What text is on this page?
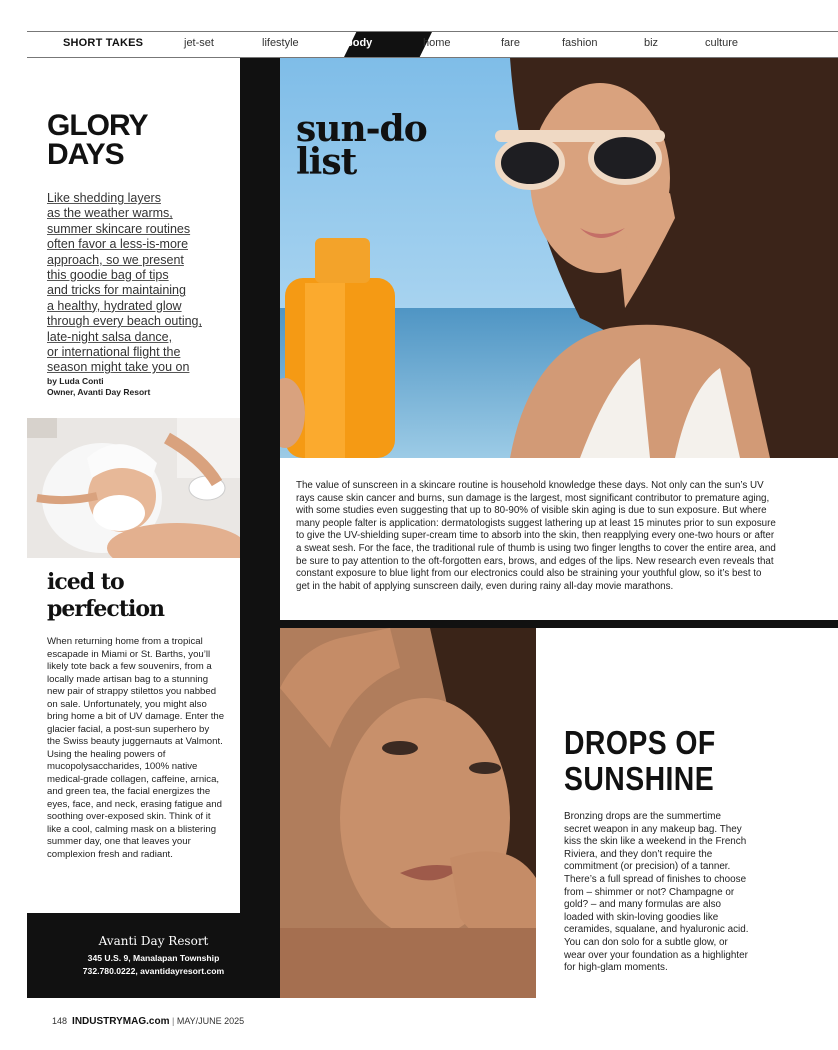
SHORT TAKES	jet-set	lifestyle	body	home	fare	fashion	biz	culture
GLORY
DAYS
Like shedding layers
as the weather warms,
summer skincare routines
often favor a less-is-more
approach, so we present
this goodie bag of tips
and tricks for maintaining
a healthy, hydrated glow
through every beach outing,
late-night salsa dance,
or international flight the
season might take you on
by Luda Conti
Owner, Avanti Day Resort
iced to
perfection
When returning home from a tropical escapade in Miami or St. Barths, you’ll likely tote back a few souvenirs, from a locally made artisan bag to a stunning new pair of strappy stilettos you nabbed on sale. Unfortunately, you might also bring home a bit of UV damage. Enter the glacier facial, a post-sun superhero by the Swiss beauty juggernauts at Valmont. Using the healing powers of mucopolysaccharides, 100% native medical-grade collagen, caffeine, arnica, and green tea, the facial energizes the eyes, face, and neck, erasing fatigue and soothing over-exposed skin. Think of it like a cool, calming mask on a blistering summer day, one that leaves your complexion fresh and radiant.
Avanti Day Resort
345 U.S. 9, Manalapan Township
732.780.0222, avantidayresort.com
sun-do
list
The value of sunscreen in a skincare routine is household knowledge these days. Not only can the sun’s UV rays cause skin cancer and burns, sun damage is the largest, most significant contributor to premature aging, with some studies even suggesting that up to 80-90% of visible skin aging is due to sun exposure. But where many people falter is application: dermatologists suggest lathering up at least 15 minutes prior to sun exposure to give the UV-shielding super-cream time to absorb into the skin, then reapplying every one-two hours or after a sweat sesh. For the face, the traditional rule of thumb is using two finger lengths to cover the entire area, and be sure to pay attention to the oft-forgotten ears, brows, and edges of the lips. New research even reveals that constant exposure to blue light from our electronics could also be straining your youthful glow, so it’s best to get in the habit of applying sunscreen daily, even during rainy all-day movie marathons.
DROPS OF
SUNSHINE
Bronzing drops are the summertime secret weapon in any makeup bag. They kiss the skin like a weekend in the French Riviera, and they don’t require the commitment (or precision) of a tanner. There’s a full spread of finishes to choose from – shimmer or not? Champagne or gold? – and many formulas are also loaded with skin-loving goodies like ceramides, squalane, and hyaluronic acid. You can don solo for a subtle glow, or wear over your foundation as a highlighter for high-glam moments.
148 INDUSTRYMAG.com | MAY/JUNE 2025
